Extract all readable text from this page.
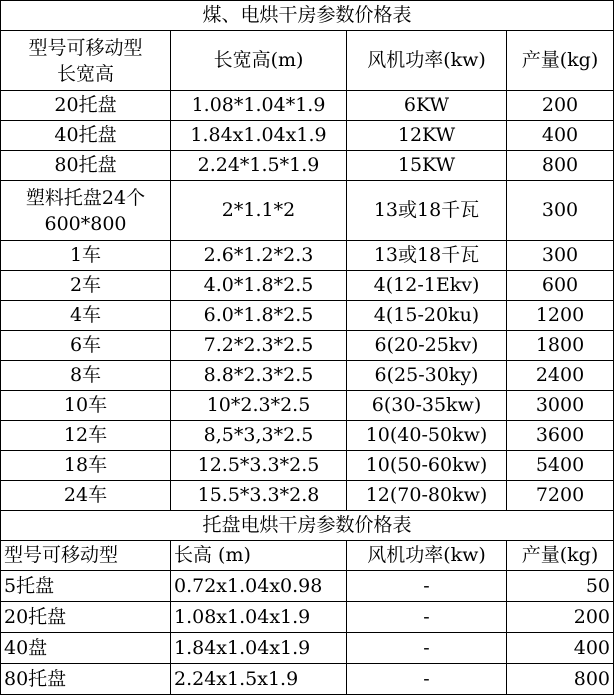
煤、电烘干房参数价格表			
型号可移动型
长宽高	长宽高(m)	风机功率(kw)	产量(kg)
20托盘	1.08*1.04*1.9	6KW	200
40托盘	1.84x1.04x1.9	12KW	400
80托盘	2.24*1.5*1.9	15KW	800
塑料托盘24个
600*800	2*1.1*2	13或18千瓦	300
1车	2.6*1.2*2.3	13或18千瓦	300
2车	4.0*1.8*2.5	4(12-1Ekv)	600
4车	6.0*1.8*2.5	4(15-20ku)	1200
6车	7.2*2.3*2.5	6(20-25kv)	1800
8车	8.8*2.3*2.5	6(25-30ky)	2400
10车	10*2.3*2.5	6(30-35kw)	3000
12车	8,5*3,3*2.5	10(40-50kw)	3600
18车	12.5*3.3*2.5	10(50-60kw)	5400
24车	15.5*3.3*2.8	12(70-80kw)	7200
托盘电烘干房参数价格表			
型号可移动型	长高 (m)	风机功率(kw)	产量(kg)
5托盘	0.72x1.04x0.98	-	50
20托盘	1.08x1.04x1.9	-	200
40盘	1.84x1.04x1.9	-	400
80托盘	2.24x1.5x1.9	-	800
